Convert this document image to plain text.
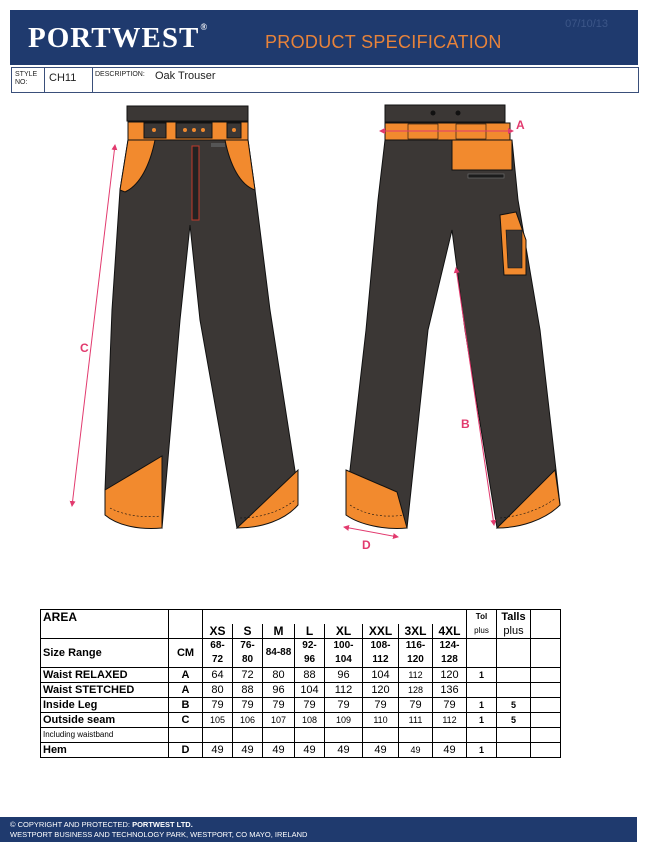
PORTWEST®
PRODUCT SPECIFICATION
07/10/13
STYLE NO:	CH11	DESCRIPTION: Oak Trouser
C
A
B
D
AREA										Tol	Talls	
		XS	S	M	L	XL	XXL	3XL	4XL	plus	plus	
Size Range	CM	68-72	76-80	84-88	92-96	100-104	108-112	116-120	124-128			
Waist RELAXED	A	64	72	80	88	96	104	112	120	1		
Waist STETCHED	A	80	88	96	104	112	120	128	136			
Inside Leg	B	79	79	79	79	79	79	79	79	1	5	
Outside seam	C	105	106	107	108	109	110	111	112	1	5	
Including waistband												
Hem	D	49	49	49	49	49	49	49	49	1		
© COPYRIGHT AND PROTECTED: PORTWEST LTD.
WESTPORT BUSINESS AND TECHNOLOGY PARK, WESTPORT, CO MAYO, IRELAND
